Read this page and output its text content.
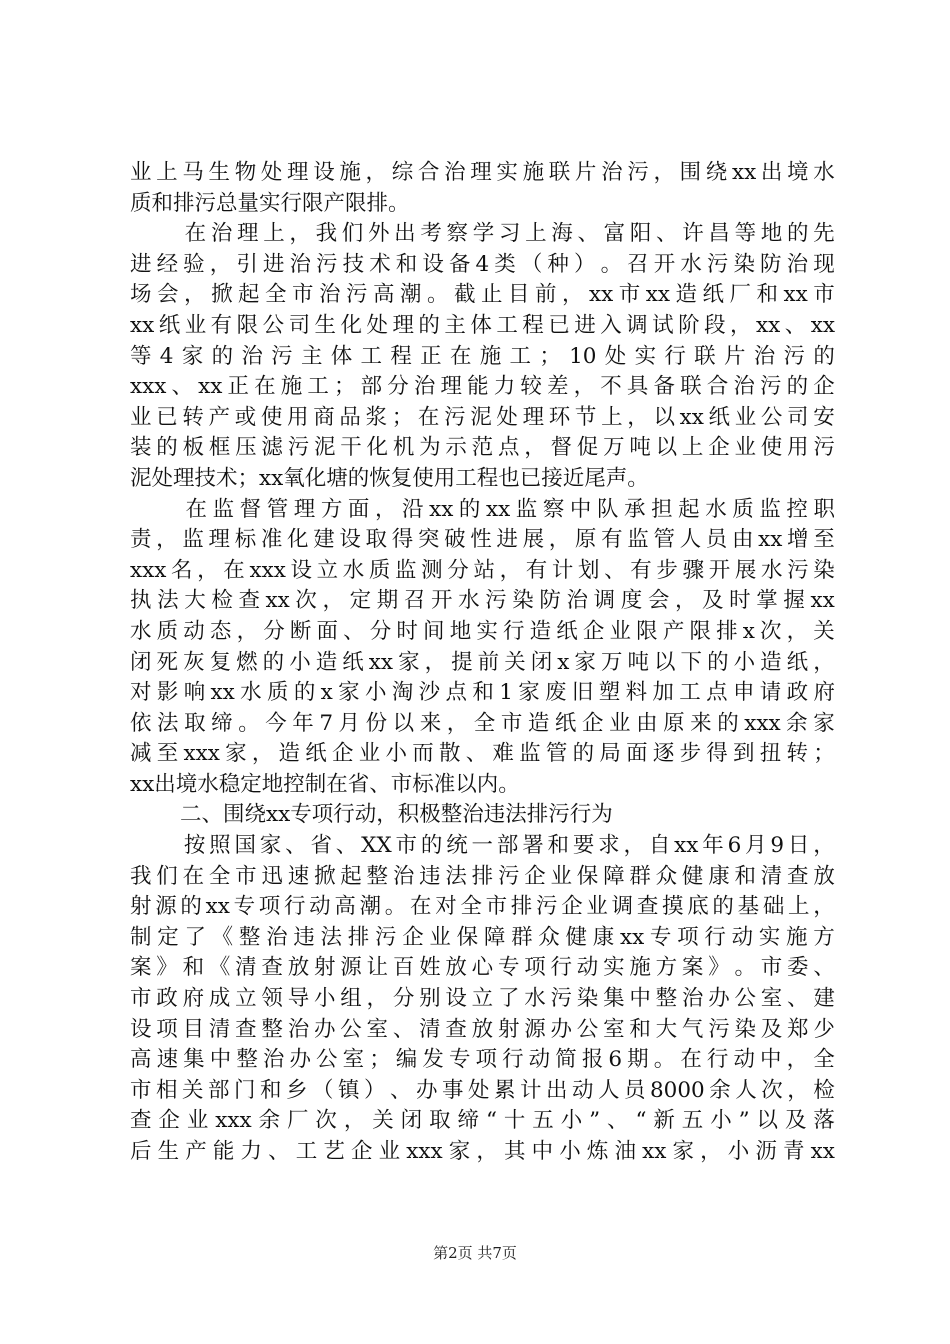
业 上 马 生 物 处 理 设 施 ， 综 合 治 理 实 施 联 片 治 污 ， 围 绕 xx 出 境 水
质和排污总量实行限产限排。
在 治 理 上 ， 我 们 外 出 考 察 学 习 上 海 、 富 阳 、 许 昌 等 地 的 先
进 经 验 ， 引 进 治 污 技 术 和 设 备 4 类 （ 种 ） 。 召 开 水 污 染 防 治 现
场 会 ， 掀 起 全 市 治 污 高 潮 。 截 止 目 前 ， xx 市 xx 造 纸 厂 和 xx 市
xx 纸 业 有 限 公 司 生 化 处 理 的 主 体 工 程 已 进 入 调 试 阶 段 ， xx 、 xx
等 4 家 的 治 污 主 体 工 程 正 在 施 工 ； 10 处 实 行 联 片 治 污 的
xxx 、 xx 正 在 施 工 ； 部 分 治 理 能 力 较 差 ， 不 具 备 联 合 治 污 的 企
业 已 转 产 或 使 用 商 品 浆 ； 在 污 泥 处 理 环 节 上 ， 以 xx 纸 业 公 司 安
装 的 板 框 压 滤 污 泥 干 化 机 为 示 范 点 ， 督 促 万 吨 以 上 企 业 使 用 污
泥处理技术；xx氧化塘的恢复使用工程也已接近尾声。
在 监 督 管 理 方 面 ， 沿 xx 的 xx 监 察 中 队 承 担 起 水 质 监 控 职
责 ， 监 理 标 准 化 建 设 取 得 突 破 性 进 展 ， 原 有 监 管 人 员 由 xx 增 至
xxx 名 ， 在 xxx 设 立 水 质 监 测 分 站 ， 有 计 划 、 有 步 骤 开 展 水 污 染
执 法 大 检 查 xx 次 ， 定 期 召 开 水 污 染 防 治 调 度 会 ， 及 时 掌 握 xx
水 质 动 态 ， 分 断 面 、 分 时 间 地 实 行 造 纸 企 业 限 产 限 排 x 次 ， 关
闭 死 灰 复 燃 的 小 造 纸 xx 家 ， 提 前 关 闭 x 家 万 吨 以 下 的 小 造 纸 ，
对 影 响 xx 水 质 的 x 家 小 淘 沙 点 和 1 家 废 旧 塑 料 加 工 点 申 请 政 府
依 法 取 缔 。 今 年 7 月 份 以 来 ， 全 市 造 纸 企 业 由 原 来 的 xxx 余 家
减 至 xxx 家 ， 造 纸 企 业 小 而 散 、 难 监 管 的 局 面 逐 步 得 到 扭 转 ；
xx出境水稳定地控制在省、市标准以内。
二、围绕xx专项行动，积极整治违法排污行为
按 照 国 家 、 省 、 XX 市 的 统 一 部 署 和 要 求 ， 自 xx 年 6 月 9 日 ，
我 们 在 全 市 迅 速 掀 起 整 治 违 法 排 污 企 业 保 障 群 众 健 康 和 清 查 放
射 源 的 xx 专 项 行 动 高 潮 。 在 对 全 市 排 污 企 业 调 查 摸 底 的 基 础 上 ，
制 定 了 《 整 治 违 法 排 污 企 业 保 障 群 众 健 康 xx 专 项 行 动 实 施 方
案 》 和 《 清 查 放 射 源 让 百 姓 放 心 专 项 行 动 实 施 方 案 》 。 市 委 、
市 政 府 成 立 领 导 小 组 ， 分 别 设 立 了 水 污 染 集 中 整 治 办 公 室 、 建
设 项 目 清 查 整 治 办 公 室 、 清 查 放 射 源 办 公 室 和 大 气 污 染 及 郑 少
高 速 集 中 整 治 办 公 室 ； 编 发 专 项 行 动 简 报 6 期 。 在 行 动 中 ， 全
市 相 关 部 门 和 乡 （ 镇 ） 、 办 事 处 累 计 出 动 人 员 8000 余 人 次 ， 检
查 企 业 xxx 余 厂 次 ， 关 闭 取 缔 “ 十 五 小 ” 、 “ 新 五 小 ” 以 及 落
后 生 产 能 力 、 工 艺 企 业 xxx 家 ， 其 中 小 炼 油 xx 家 ， 小 沥 青 xx
第2页 共7页
